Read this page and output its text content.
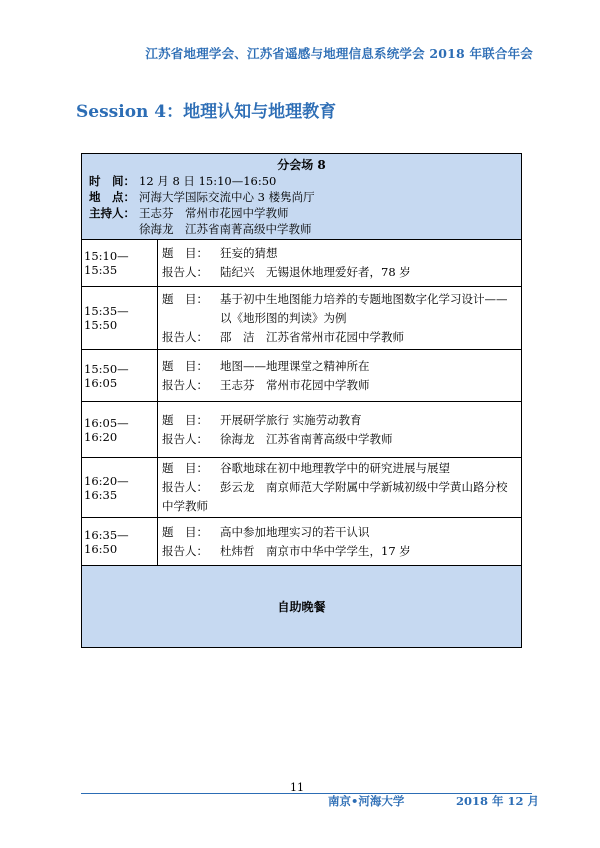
江苏省地理学会、江苏省遥感与地理信息系统学会 2018 年联合年会
Session 4：地理认知与地理教育
分会场 8
时　间： 12 月 8 日 15:10—16:50
地　点： 河海大学国际交流中心 3 楼隽尚厅
主持人： 王志芬　常州市花园中学教师
徐海龙　江苏省南菁高级中学教师
15:10—15:35
题　目：	狂妄的猜想
报告人：	陆纪兴　无锡退休地理爱好者，78 岁
15:35—15:50
题　目：	基于初中生地图能力培养的专题地图数字化学习设计——
以《地形图的判读》为例
报告人：	邵　洁　江苏省常州市花园中学教师
15:50—16:05
题　目：	地图——地理课堂之精神所在
报告人：	王志芬　常州市花园中学教师
16:05—16:20
题　目：	开展研学旅行 实施劳动教育
报告人：	徐海龙　江苏省南菁高级中学教师
16:20—16:35
题　目：	谷歌地球在初中地理教学中的研究进展与展望
报告人：	彭云龙　南京师范大学附属中学新城初级中学黄山路分校
中学教师
16:35—16:50
题　目：	高中参加地理实习的若干认识
报告人：	杜炜哲　南京市中华中学学生，17 岁
自助晚餐
11
南京•河海大学	2018 年 12 月
